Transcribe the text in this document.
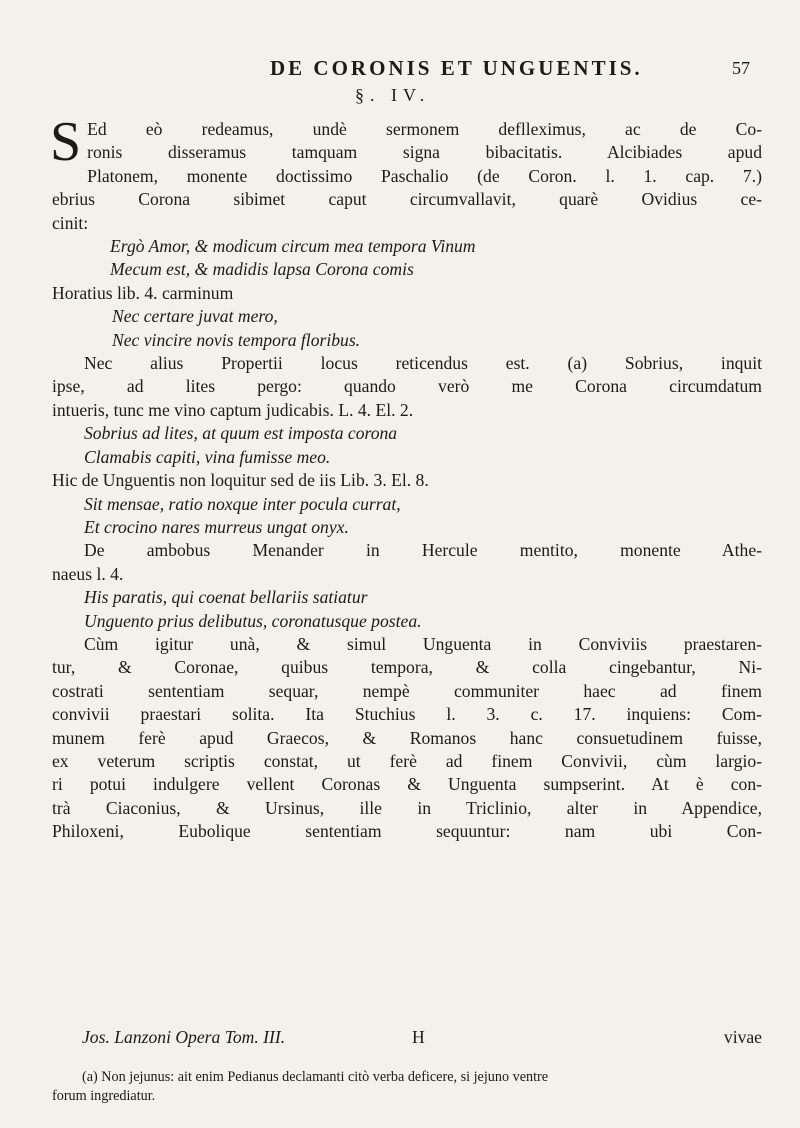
DE CORONIS ET UNGUENTIS.	57
§. IV.

S Ed eò redeamus, undè sermonem deflleximus, ac de Co-
ronis disseramus tamquam signa bibacitatis. Alcibiades apud
Platonem, monente doctissimo Paschalio (de Coron. l. 1. cap. 7.)
ebrius Corona sibimet caput circumvallavit, quarè Ovidius ce-
cinit:

Ergò Amor, & modicum circum mea tempora Vinum
Mecum est, & madidis lapsa Corona comis

Horatius lib. 4. carminum

Nec certare juvat mero,
Nec vincire novis tempora floribus.

Nec alius Propertii locus reticendus est. (a) Sobrius, inquit
ipse, ad lites pergo: quando verò me Corona circumdatum
intueris, tunc me vino captum judicabis. L. 4. El. 2.

Sobrius ad lites, at quum est imposta corona
Clamabis capiti, vina fumisse meo.

Hic de Unguentis non loquitur sed de iis Lib. 3. El. 8.

Sit mensae, ratio noxque inter pocula currat,
Et crocino nares murreus ungat onyx.

De ambobus Menander in Hercule mentito, monente Athe-
naeus l. 4.

His paratis, qui coenat bellariis satiatur
Unguento prius delibutus, coronatusque postea.

Cùm igitur unà, & simul Unguenta in Conviviis praestaren-
tur, & Coronae, quibus tempora, & colla cingebantur, Ni-
costrati sententiam sequar, nempè communiter haec ad finem
convivii praestari solita. Ita Stuchius l. 3. c. 17. inquiens: Com-
munem ferè apud Graecos, & Romanos hanc consuetudinem fuisse,
ex veterum scriptis constat, ut ferè ad finem Convivii, cùm largio-
ri potui indulgere vellent Coronas & Unguenta sumpserint. At è con-
trà Ciaconius, & Ursinus, ille in Triclinio, alter in Appendice,
Philoxeni, Eubolique sententiam sequuntur: nam ubi Con-

Jos. Lanzoni Opera Tom. III.	H	vivae
(a) Non jejunus: ait enim Pedianus declamanti citò verba deficere, si jejuno ventre
forum ingrediatur.
